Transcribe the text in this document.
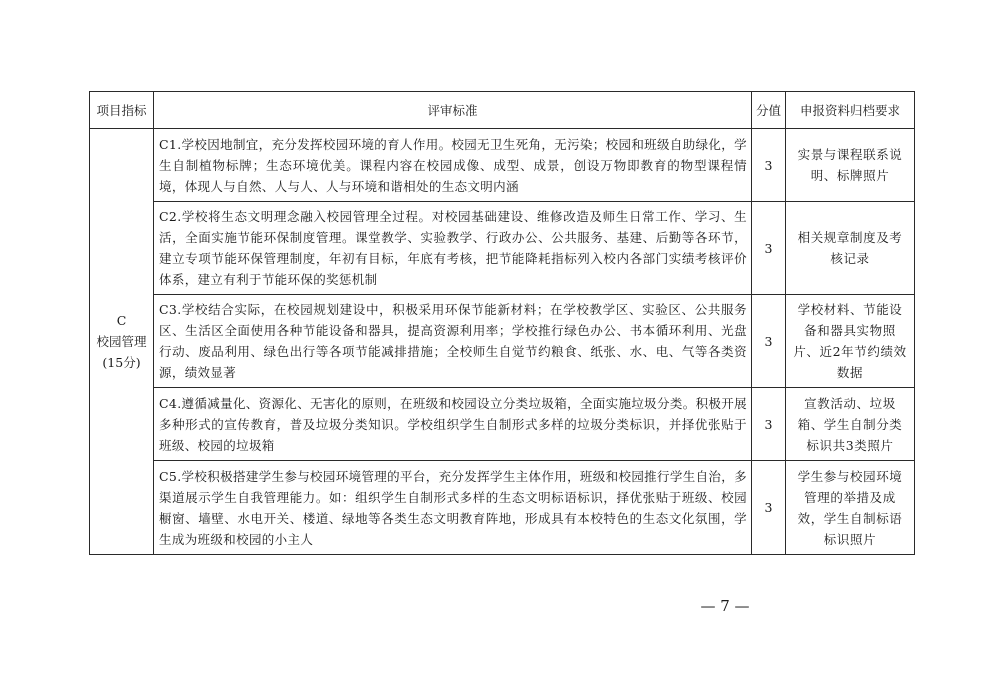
项目指标	评审标准	分值	申报资料归档要求

C
校园管理
(15分)	C1.学校因地制宜，充分发挥校园环境的育人作用。校园无卫生死角，无污染；校园和班级自助绿化，学生自制植物标牌；生态环境优美。课程内容在校园成像、成型、成景，创设万物即教育的物型课程情境，体现人与自然、人与人、人与环境和谐相处的生态文明内涵	3	实景与课程联系说明、标牌照片
	C2.学校将生态文明理念融入校园管理全过程。对校园基础建设、维修改造及师生日常工作、学习、生活，全面实施节能环保制度管理。课堂教学、实验教学、行政办公、公共服务、基建、后勤等各环节，建立专项节能环保管理制度，年初有目标，年底有考核，把节能降耗指标列入校内各部门实绩考核评价体系，建立有利于节能环保的奖惩机制	3	相关规章制度及考核记录
	C3.学校结合实际，在校园规划建设中，积极采用环保节能新材料；在学校教学区、实验区、公共服务区、生活区全面使用各种节能设备和器具，提高资源利用率；学校推行绿色办公、书本循环利用、光盘行动、废品利用、绿色出行等各项节能减排措施；全校师生自觉节约粮食、纸张、水、电、气等各类资源，绩效显著	3	学校材料、节能设备和器具实物照片、近2年节约绩效数据
	C4.遵循减量化、资源化、无害化的原则，在班级和校园设立分类垃圾箱，全面实施垃圾分类。积极开展多种形式的宣传教育，普及垃圾分类知识。学校组织学生自制形式多样的垃圾分类标识，并择优张贴于班级、校园的垃圾箱	3	宣教活动、垃圾箱、学生自制分类标识共3类照片
	C5.学校积极搭建学生参与校园环境管理的平台，充分发挥学生主体作用，班级和校园推行学生自治，多渠道展示学生自我管理能力。如：组织学生自制形式多样的生态文明标语标识，择优张贴于班级、校园橱窗、墙壁、水电开关、楼道、绿地等各类生态文明教育阵地，形成具有本校特色的生态文化氛围，学生成为班级和校园的小主人	3	学生参与校园环境管理的举措及成效，学生自制标语标识照片
— 7 —
